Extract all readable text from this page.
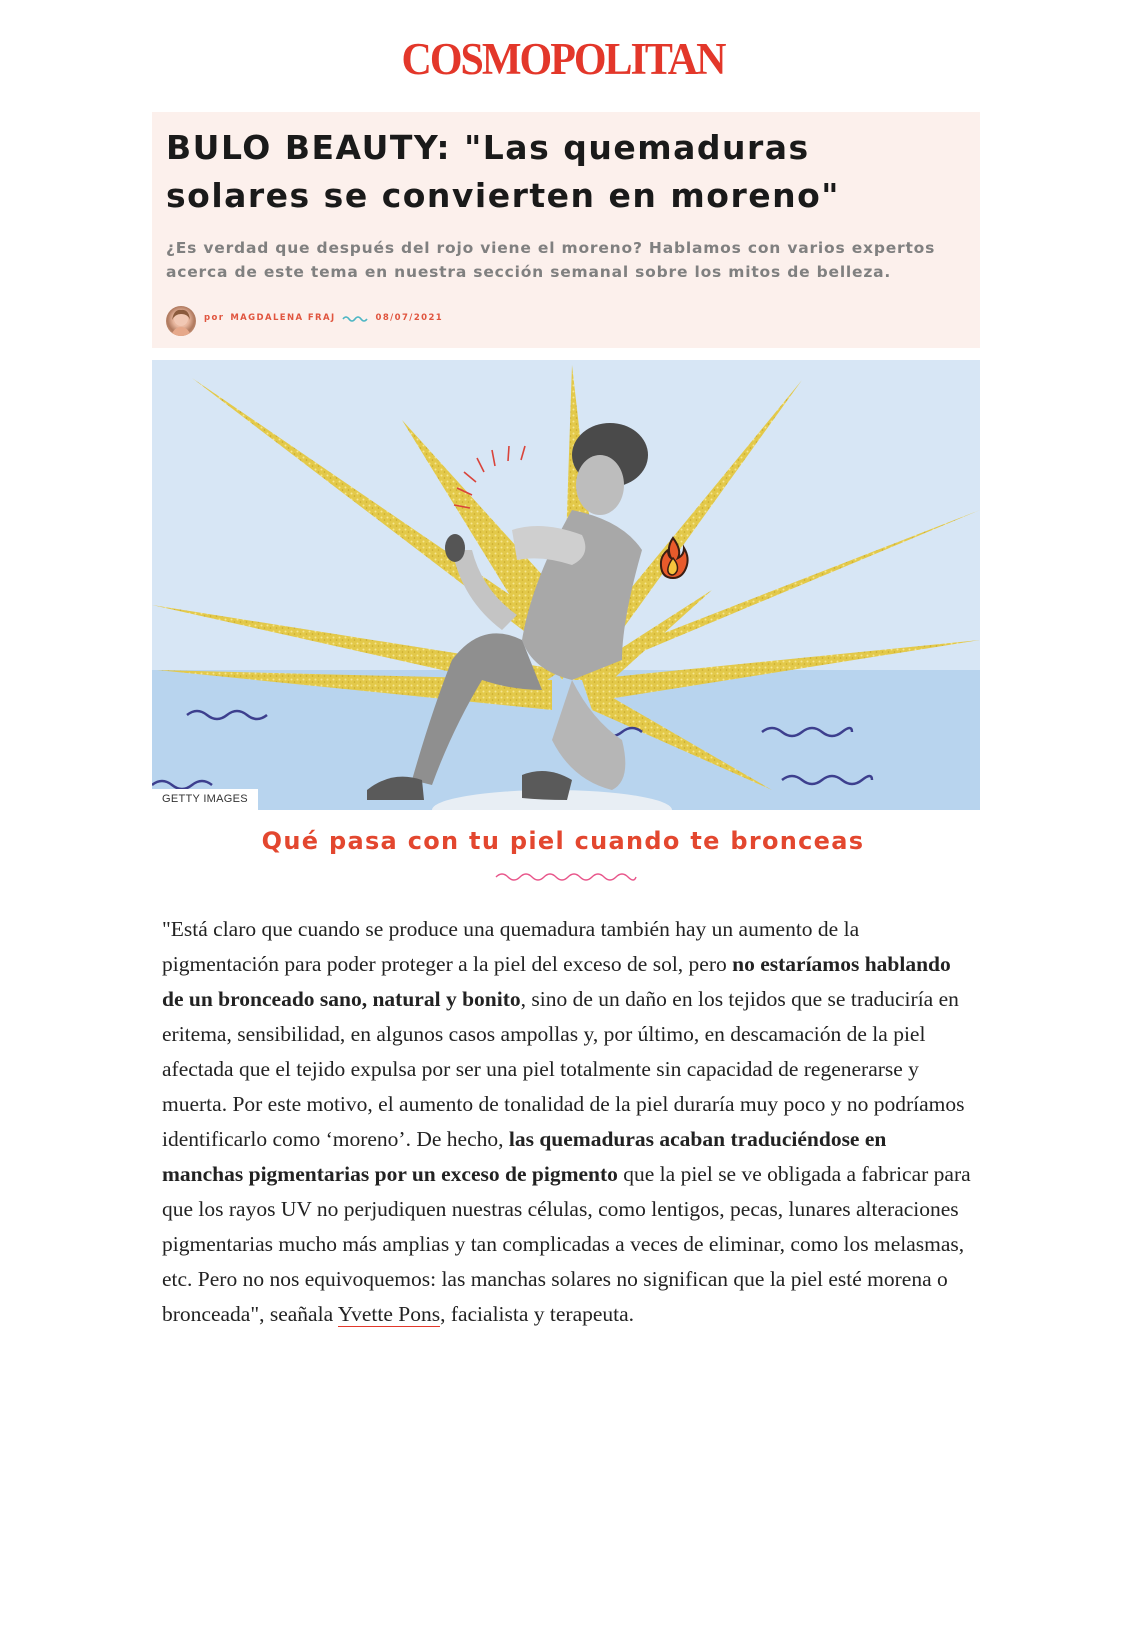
COSMOPOLITAN
BULO BEAUTY: "Las quemaduras solares se convierten en moreno"
¿Es verdad que después del rojo viene el moreno? Hablamos con varios expertos acerca de este tema en nuestra sección semanal sobre los mitos de belleza.
por MAGDALENA FRAJ	08/07/2021
GETTY IMAGES
Qué pasa con tu piel cuando te bronceas
"Está claro que cuando se produce una quemadura también hay un aumento de la pigmentación para poder proteger a la piel del exceso de sol, pero no estaríamos hablando de un bronceado sano, natural y bonito, sino de un daño en los tejidos que se traduciría en eritema, sensibilidad, en algunos casos ampollas y, por último, en descamación de la piel afectada que el tejido expulsa por ser una piel totalmente sin capacidad de regenerarse y muerta. Por este motivo, el aumento de tonalidad de la piel duraría muy poco y no podríamos identificarlo como ‘moreno’. De hecho, las quemaduras acaban traduciéndose en manchas pigmentarias por un exceso de pigmento que la piel se ve obligada a fabricar para que los rayos UV no perjudiquen nuestras células, como lentigos, pecas, lunares alteraciones pigmentarias mucho más amplias y tan complicadas a veces de eliminar, como los melasmas, etc. Pero no nos equivoquemos: las manchas solares no significan que la piel esté morena o bronceada", seañala Yvette Pons, facialista y terapeuta.
